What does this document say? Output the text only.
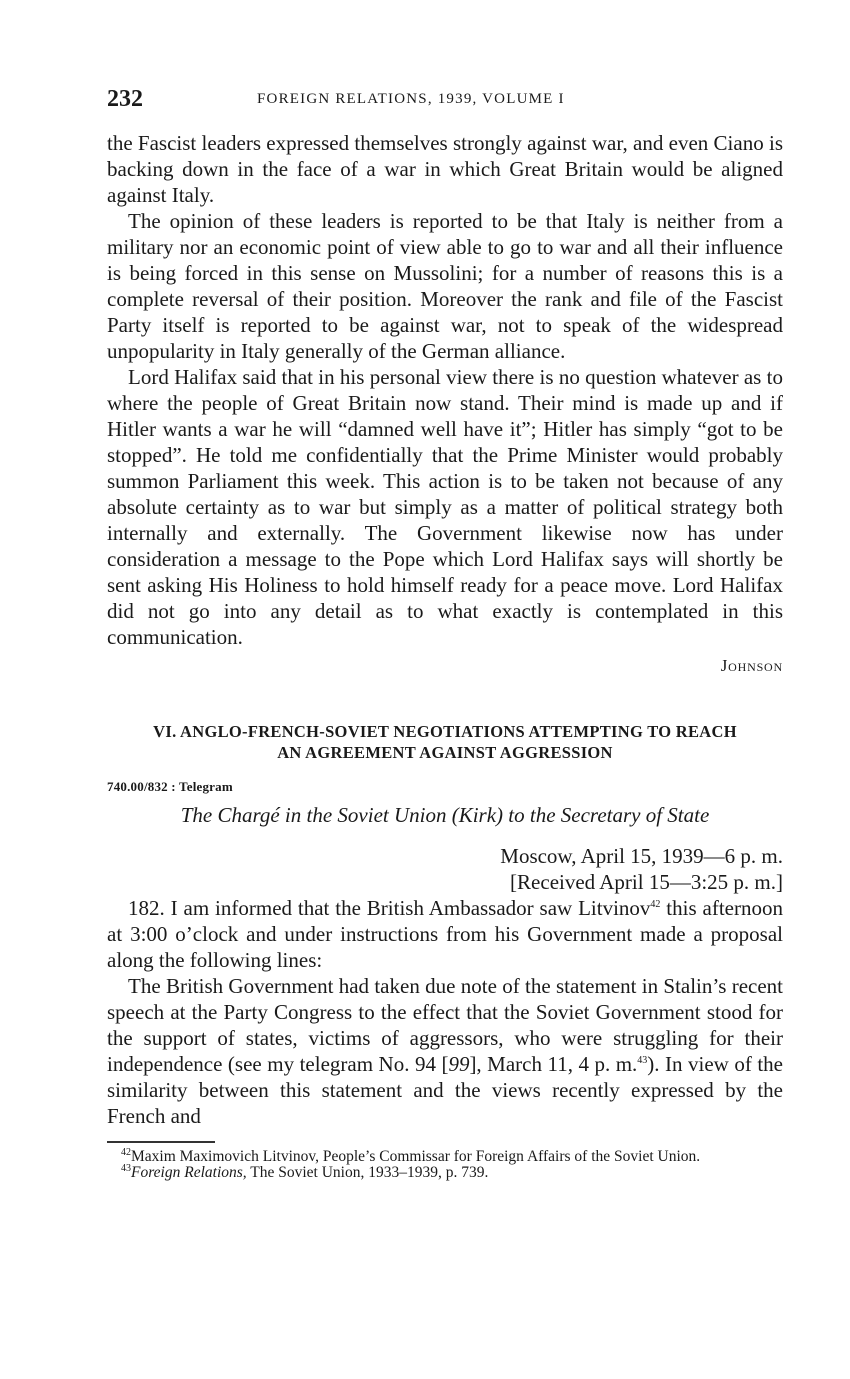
232	FOREIGN RELATIONS, 1939, VOLUME I

the Fascist leaders expressed themselves strongly against war, and even Ciano is backing down in the face of a war in which Great Britain would be aligned against Italy.

The opinion of these leaders is reported to be that Italy is neither from a military nor an economic point of view able to go to war and all their influence is being forced in this sense on Mussolini; for a number of reasons this is a complete reversal of their position. Moreover the rank and file of the Fascist Party itself is reported to be against war, not to speak of the widespread unpopularity in Italy generally of the German alliance.

Lord Halifax said that in his personal view there is no question whatever as to where the people of Great Britain now stand. Their mind is made up and if Hitler wants a war he will “damned well have it”; Hitler has simply “got to be stopped”. He told me confidentially that the Prime Minister would probably summon Parliament this week. This action is to be taken not because of any absolute certainty as to war but simply as a matter of political strategy both internally and externally. The Government likewise now has under consideration a message to the Pope which Lord Halifax says will shortly be sent asking His Holiness to hold himself ready for a peace move. Lord Halifax did not go into any detail as to what exactly is contemplated in this communication.

Johnson
VI. ANGLO-FRENCH-SOVIET NEGOTIATIONS ATTEMPTING TO REACH
AN AGREEMENT AGAINST AGGRESSION
740.00/832 : Telegram
The Chargé in the Soviet Union (Kirk) to the Secretary of State
Moscow, April 15, 1939—6 p. m.
[Received April 15—3:25 p. m.]

182. I am informed that the British Ambassador saw Litvinov$^{42}$ this afternoon at 3:00 o’clock and under instructions from his Government made a proposal along the following lines:

The British Government had taken due note of the statement in Stalin’s recent speech at the Party Congress to the effect that the Soviet Government stood for the support of states, victims of aggressors, who were struggling for their independence (see my telegram No. 94 [99], March 11, 4 p. m.$^{43}$). In view of the similarity between this statement and the views recently expressed by the French and

$^{42}$Maxim Maximovich Litvinov, People’s Commissar for Foreign Affairs of the Soviet Union.

$^{43}$Foreign Relations, The Soviet Union, 1933–1939, p. 739.
